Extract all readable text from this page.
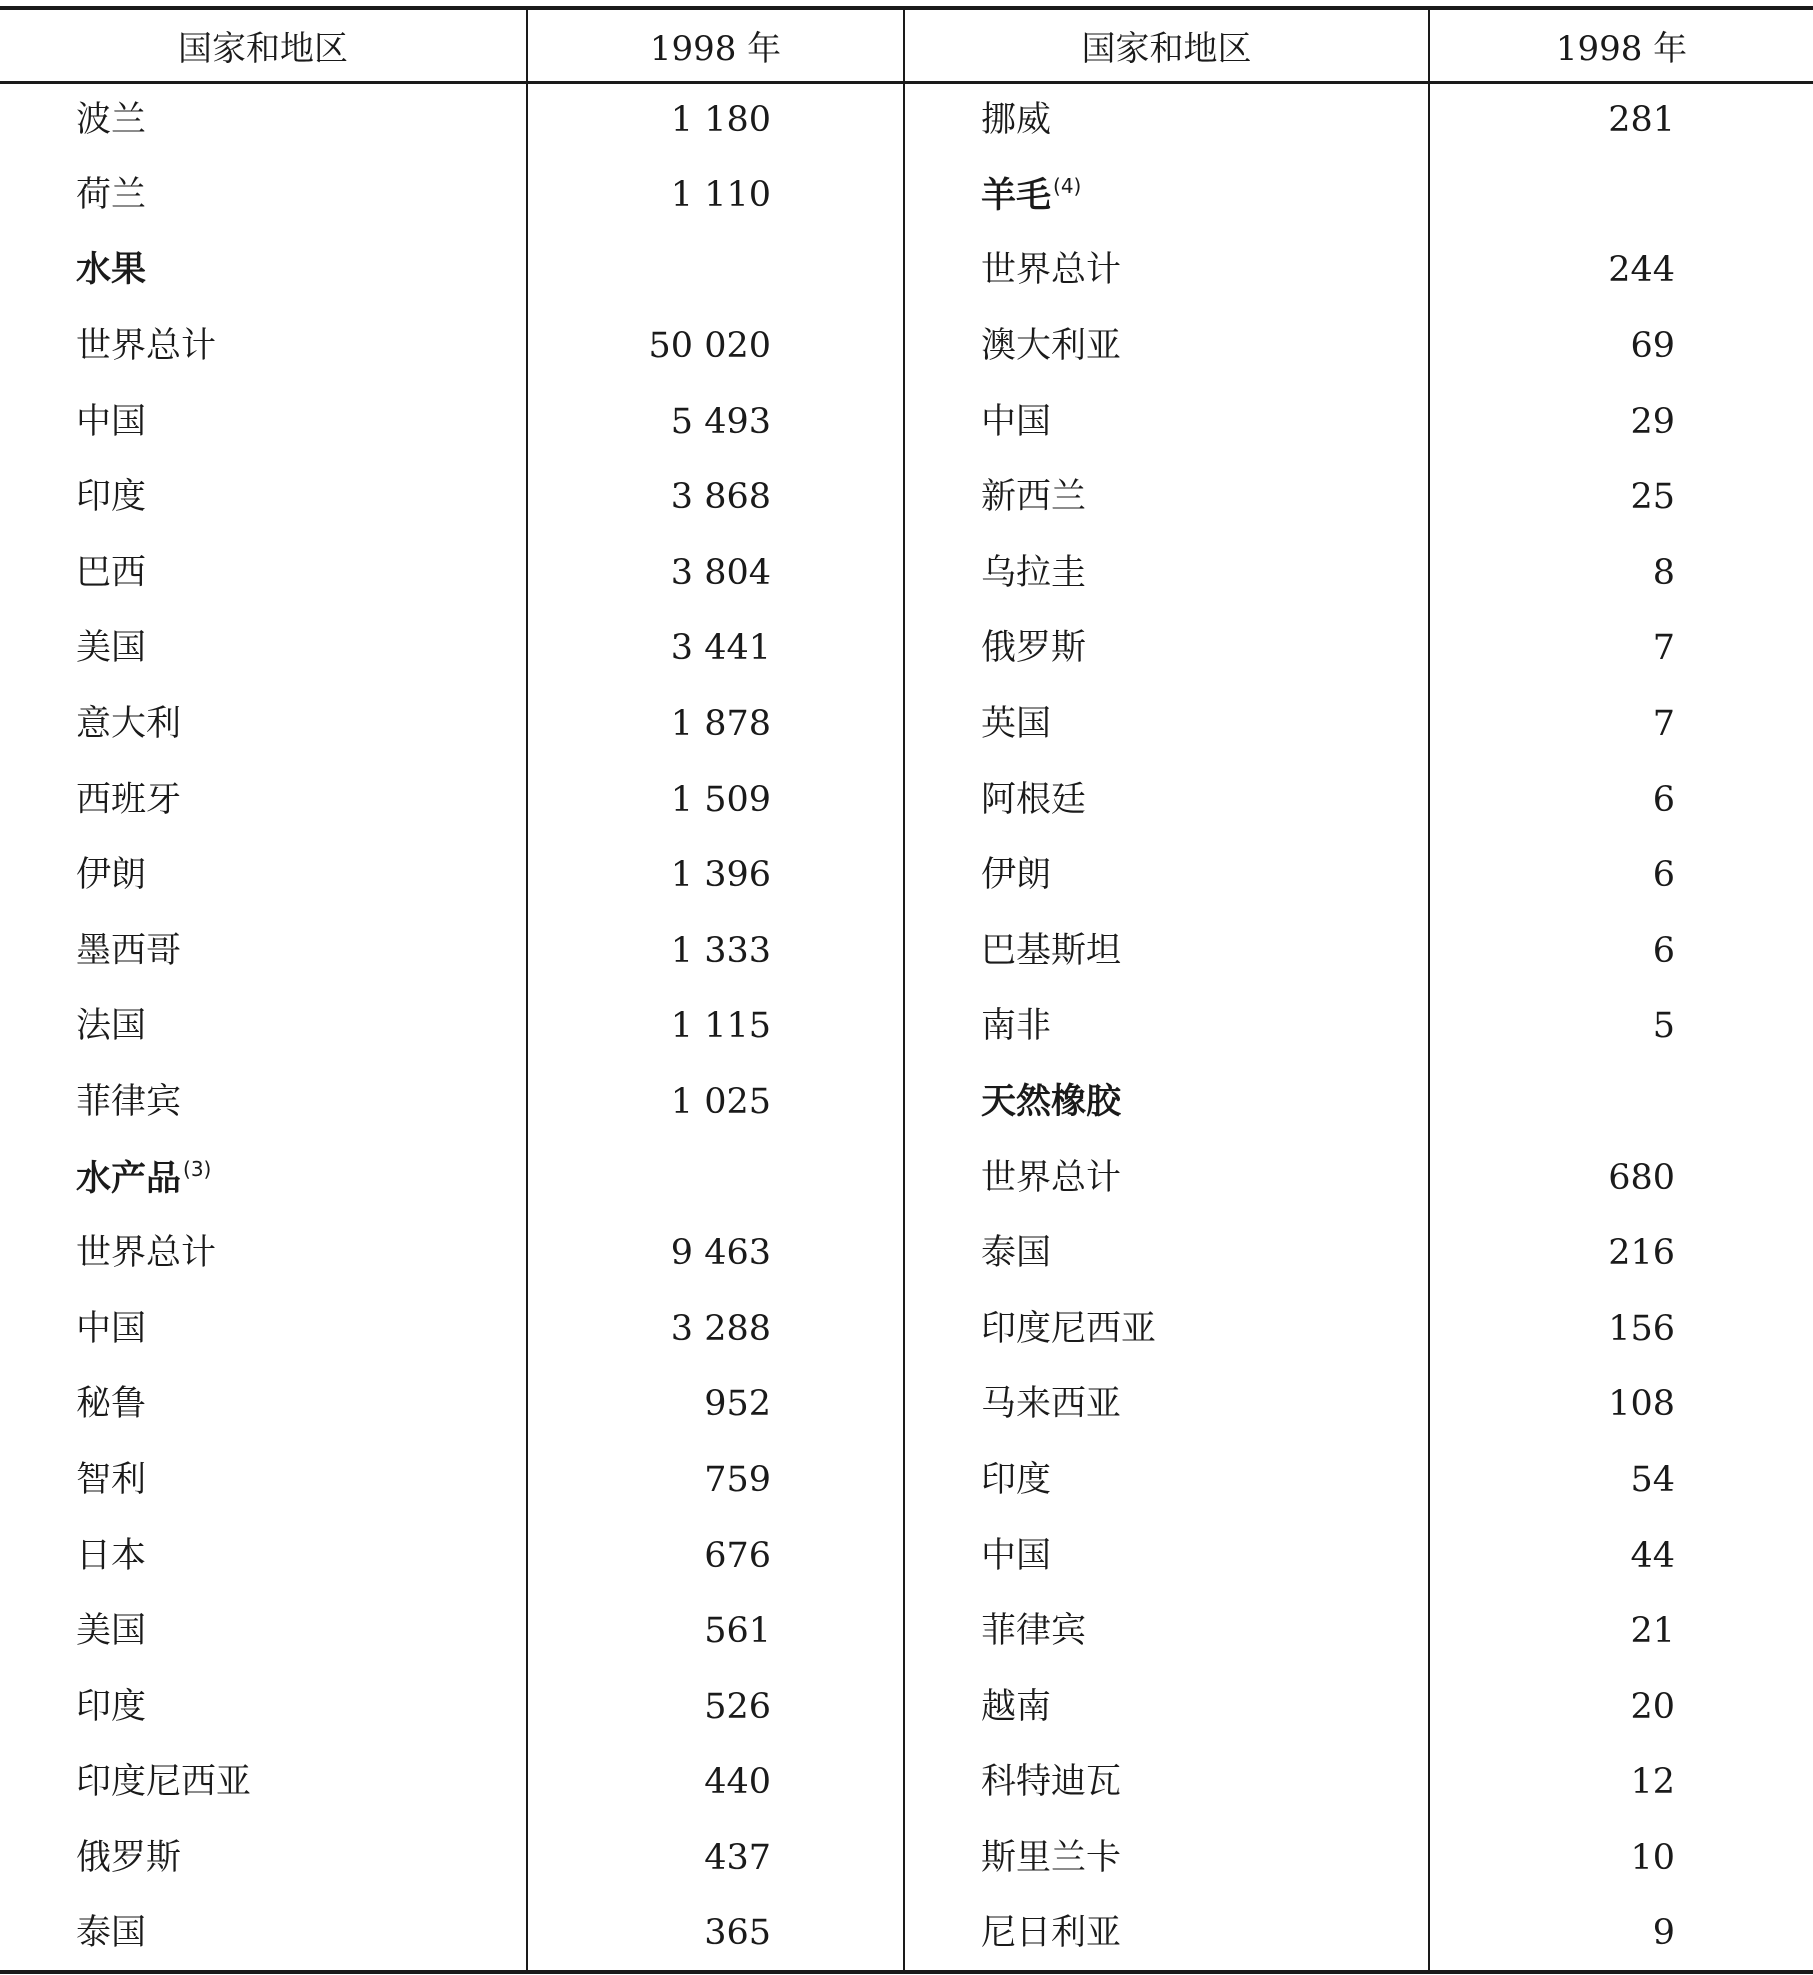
国家和地区	1998 年	国家和地区	1998 年
波兰	1 180	挪威	281
荷兰	1 110	羊毛 $^{(4)}$	
水果		世界总计	244
世界总计	50 020	澳大利亚	69
中国	5 493	中国	29
印度	3 868	新西兰	25
巴西	3 804	乌拉圭	8
美国	3 441	俄罗斯	7
意大利	1 878	英国	7
西班牙	1 509	阿根廷	6
伊朗	1 396	伊朗	6
墨西哥	1 333	巴基斯坦	6
法国	1 115	南非	5
菲律宾	1 025	天然橡胶	
水产品 $^{(3)}$		世界总计	680
世界总计	9 463	泰国	216
中国	3 288	印度尼西亚	156
秘鲁	952	马来西亚	108
智利	759	印度	54
日本	676	中国	44
美国	561	菲律宾	21
印度	526	越南	20
印度尼西亚	440	科特迪瓦	12
俄罗斯	437	斯里兰卡	10
泰国	365	尼日利亚	9
